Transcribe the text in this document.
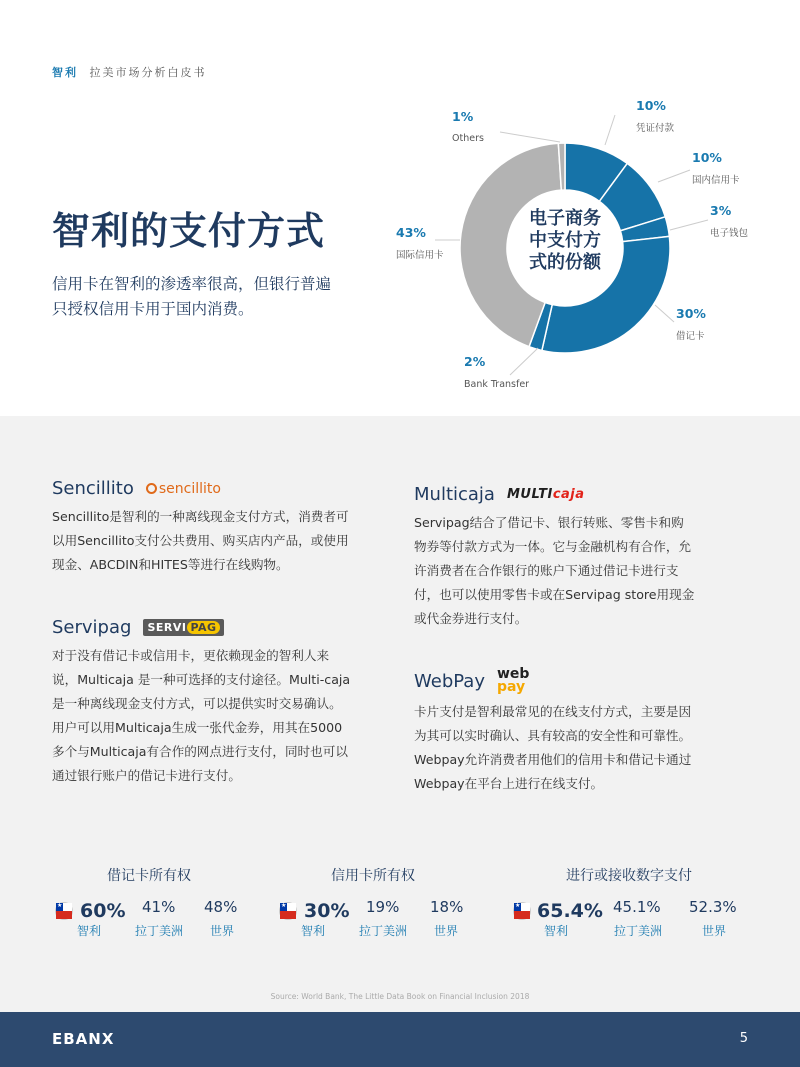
智利 拉美市场分析白皮书
智利的支付方式
信用卡在智利的渗透率很高，但银行普遍只授权信用卡用于国内消费。
10%
凭证付款
10%
国内信用卡
3%
电子钱包
30%
借记卡
2%
Bank Transfer
43%
国际信用卡
1%
Others
电子商务
中支付方
式的份额
Sencillito	sencillito
Sencillito是智利的一种离线现金支付方式，消费者可以用Sencillito支付公共费用、购买店内产品，或使用现金、ABCDIN和HITES等进行在线购物。
Servipag	SERVI PAG
对于没有借记卡或信用卡，更依赖现金的智利人来说，Multicaja 是一种可选择的支付途径。Multi-caja是一种离线现金支付方式，可以提供实时交易确认。用户可以用Multicaja生成一张代金券，用其在5000多个与Multicaja有合作的网点进行支付，同时也可以通过银行账户的借记卡进行支付。
Multicaja MULTIcaja
Servipag结合了借记卡、银行转账、零售卡和购物券等付款方式为一体。它与金融机构有合作，允许消费者在合作银行的账户下通过借记卡进行支付，也可以使用零售卡或在Servipag store用现金或代金券进行支付。
WebPay web
pay
卡片支付是智利最常见的在线支付方式，主要是因为其可以实时确认、具有较高的安全性和可靠性。Webpay允许消费者用他们的信用卡和借记卡通过Webpay在平台上进行在线支付。
借记卡所有权
★ 60%
智利
41%
拉丁美洲
48%
世界
信用卡所有权
★ 30%
智利
19%
拉丁美洲
18%
世界
进行或接收数字支付
★ 65.4%
智利
45.1%
拉丁美洲
52.3%
世界
Source: World Bank, The Little Data Book on Financial Inclusion 2018
EBANX	5
